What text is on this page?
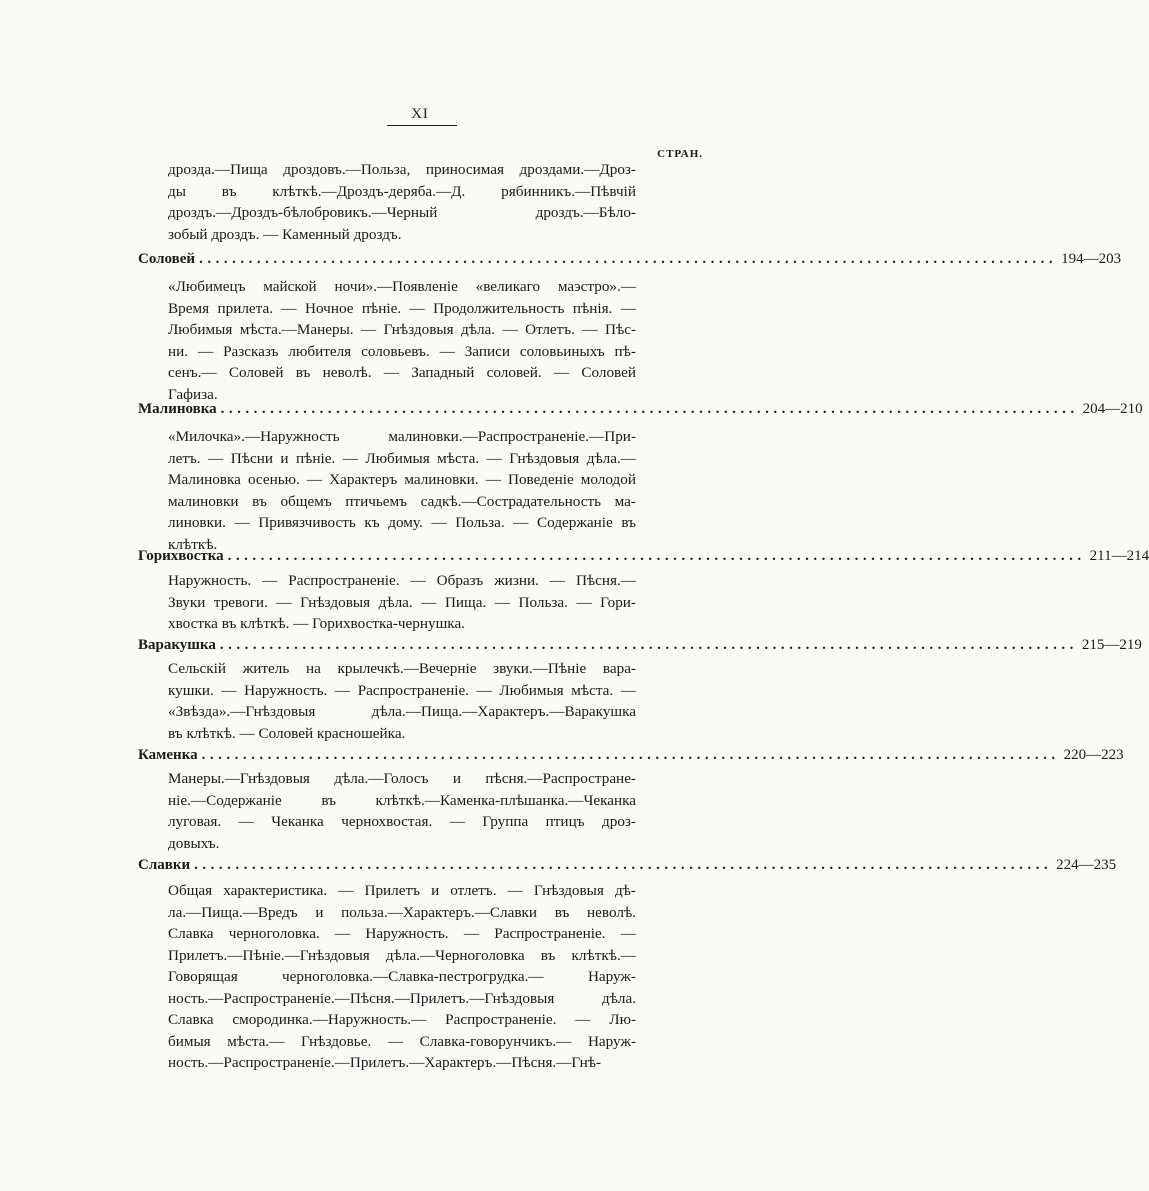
XI
СТРАН.
дрозда.—Пища дроздовъ.—Польза, приносимая дроздами.—Дроз-
ды въ клѣткѣ.—Дроздъ-деряба.—Д. рябинникъ.—Пѣвчій
дроздъ.—Дроздъ-бѣлобровикъ.—Черный дроздъ.—Бѣло-
зобый дроздъ. — Каменный дроздъ.
Соловей ........................................................................................................ 194—203
«Любимецъ майской ночи».—Появленіе «великаго маэстро».—
Время прилета. — Ночное пѣніе. — Продолжительность пѣнія. —
Любимыя мѣста.—Манеры. — Гнѣздовыя дѣла. — Отлетъ. — Пѣс-
ни. — Разсказъ любителя соловьевъ. — Записи соловьиныхъ пѣ-
сенъ.— Соловей въ неволѣ. — Западный соловей. — Соловей
Гафиза.
Малиновка ........................................................................................................ 204—210
«Милочка».—Наружность малиновки.—Распространеніе.—При-
летъ. — Пѣсни и пѣніе. — Любимыя мѣста. — Гнѣздовыя дѣла.—
Малиновка осенью. — Характеръ малиновки. — Поведеніе молодой
малиновки въ общемъ птичьемъ садкѣ.—Сострадательность ма-
линовки. — Привязчивость къ дому. — Польза. — Содержаніе въ
клѣткѣ.
Горихвостка ........................................................................................................ 211—214
Наружность. — Распространеніе. — Образъ жизни. — Пѣсня.—
Звуки тревоги. — Гнѣздовыя дѣла. — Пища. — Польза. — Гори-
хвостка въ клѣткѣ. — Горихвостка-чернушка.
Варакушка ........................................................................................................ 215—219
Сельскій житель на крылечкѣ.—Вечерніе звуки.—Пѣніе вара-
кушки. — Наружность. — Распространеніе. — Любимыя мѣста. —
«Звѣзда».—Гнѣздовыя дѣла.—Пища.—Характеръ.—Варакушка
въ клѣткѣ. — Соловей красношейка.
Каменка ........................................................................................................ 220—223
Манеры.—Гнѣздовыя дѣла.—Голосъ и пѣсня.—Распростране-
ніе.—Содержаніе въ клѣткѣ.—Каменка-плѣшанка.—Чеканка
луговая. — Чеканка чернохвостая. — Группа птицъ дроз-
довыхъ.
Славки ........................................................................................................ 224—235
Общая характеристика. — Прилетъ и отлетъ. — Гнѣздовыя дѣ-
ла.—Пища.—Вредъ и польза.—Характеръ.—Славки въ неволѣ.
Славка черноголовка. — Наружность. — Распространеніе. —
Прилетъ.—Пѣніе.—Гнѣздовыя дѣла.—Черноголовка въ клѣткѣ.—
Говорящая черноголовка.—Славка-пестрогрудка.— Наруж-
ность.—Распространеніе.—Пѣсня.—Прилетъ.—Гнѣздовыя дѣла.
Славка смородинка.—Наружность.— Распространеніе. — Лю-
бимыя мѣста.— Гнѣздовье. — Славка-говорунчикъ.— Наруж-
ность.—Распространеніе.—Прилетъ.—Характеръ.—Пѣсня.—Гнѣ-
